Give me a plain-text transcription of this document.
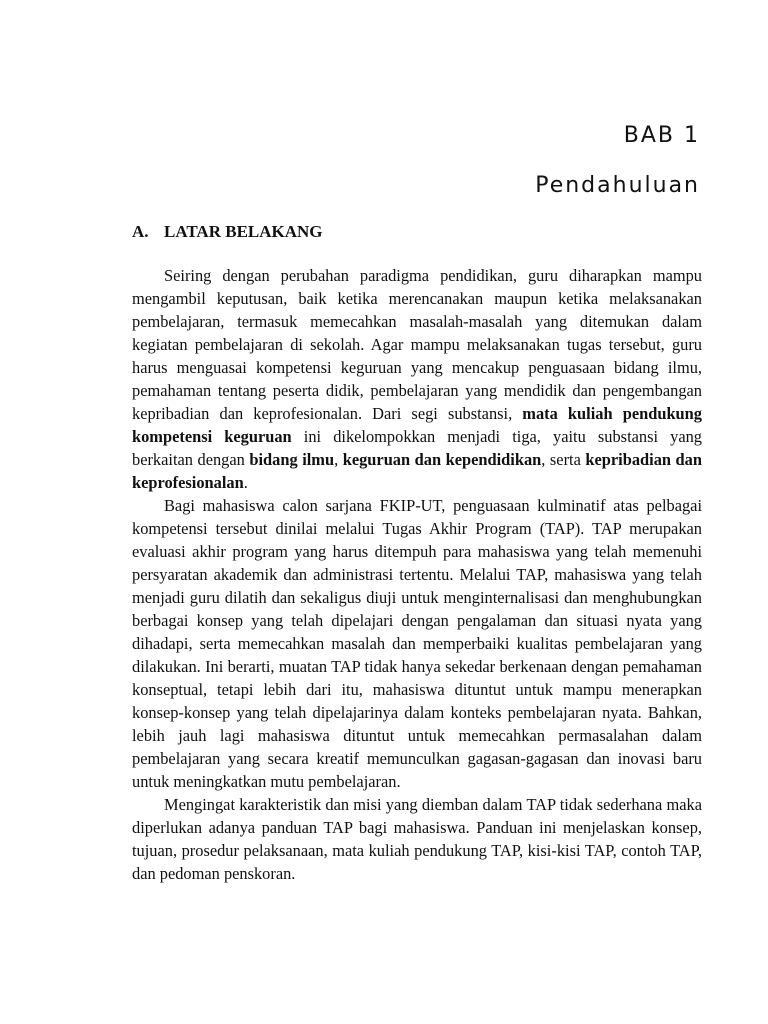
BAB 1
Pendahuluan
A. LATAR BELAKANG

Seiring dengan perubahan paradigma pendidikan, guru diharapkan mampu mengambil keputusan, baik ketika merencanakan maupun ketika melaksanakan pembelajaran, termasuk memecahkan masalah-masalah yang ditemukan dalam kegiatan pembelajaran di sekolah. Agar mampu melaksanakan tugas tersebut, guru harus menguasai kompetensi keguruan yang mencakup penguasaan bidang ilmu, pemahaman tentang peserta didik, pembelajaran yang mendidik dan pengembangan kepribadian dan keprofesionalan. Dari segi substansi, mata kuliah pendukung kompetensi keguruan ini dikelompokkan menjadi tiga, yaitu substansi yang berkaitan dengan bidang ilmu, keguruan dan kependidikan, serta kepribadian dan keprofesionalan.

Bagi mahasiswa calon sarjana FKIP-UT, penguasaan kulminatif atas pelbagai kompetensi tersebut dinilai melalui Tugas Akhir Program (TAP). TAP merupakan evaluasi akhir program yang harus ditempuh para mahasiswa yang telah memenuhi persyaratan akademik dan administrasi tertentu. Melalui TAP, mahasiswa yang telah menjadi guru dilatih dan sekaligus diuji untuk menginternalisasi dan menghubungkan berbagai konsep yang telah dipelajari dengan pengalaman dan situasi nyata yang dihadapi, serta memecahkan masalah dan memperbaiki kualitas pembelajaran yang dilakukan. Ini berarti, muatan TAP tidak hanya sekedar berkenaan dengan pemahaman konseptual, tetapi lebih dari itu, mahasiswa dituntut untuk mampu menerapkan konsep-konsep yang telah dipelajarinya dalam konteks pembelajaran nyata. Bahkan, lebih jauh lagi mahasiswa dituntut untuk memecahkan permasalahan dalam pembelajaran yang secara kreatif memunculkan gagasan-gagasan dan inovasi baru untuk meningkatkan mutu pembelajaran.

Mengingat karakteristik dan misi yang diemban dalam TAP tidak sederhana maka diperlukan adanya panduan TAP bagi mahasiswa. Panduan ini menjelaskan konsep, tujuan, prosedur pelaksanaan, mata kuliah pendukung TAP, kisi-kisi TAP, contoh TAP, dan pedoman penskoran.
